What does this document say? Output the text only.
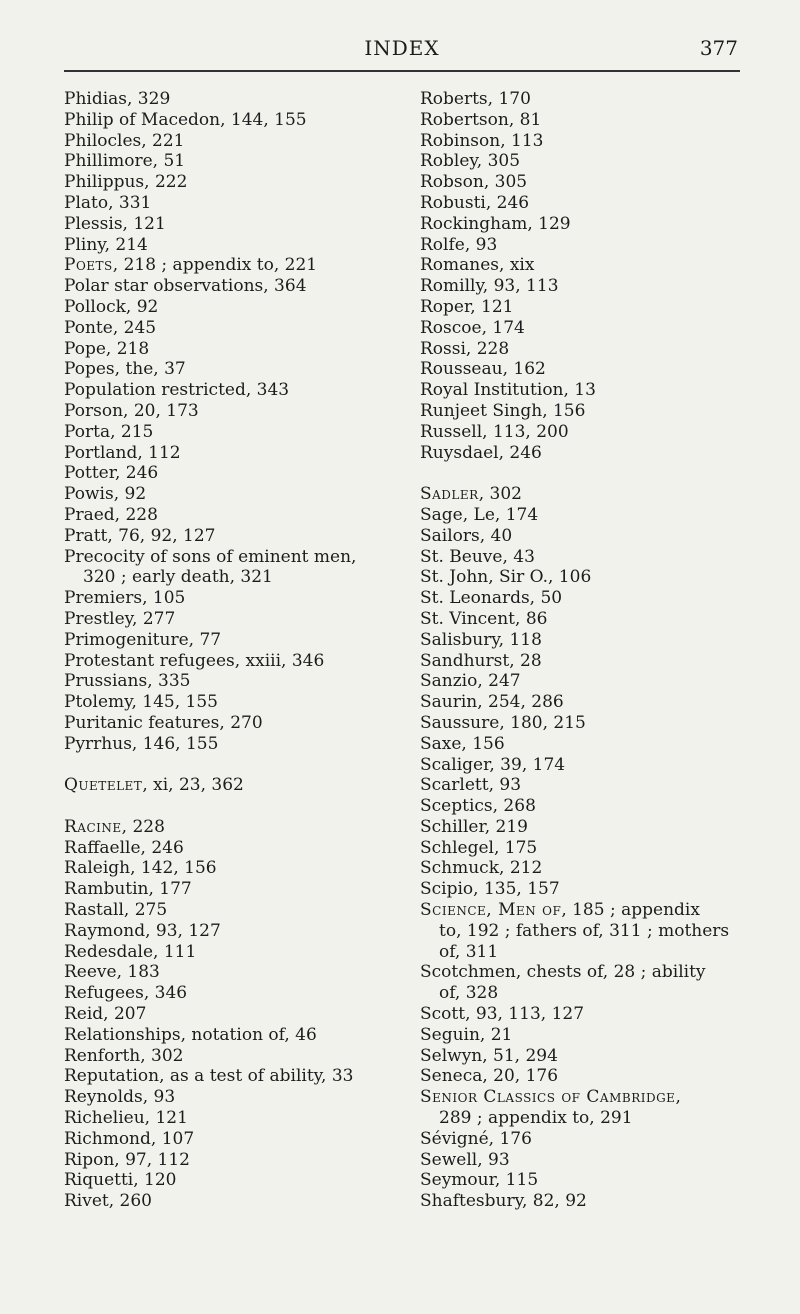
INDEX	377

Phidias, 329

Philip of Macedon, 144, 155

Philocles, 221

Phillimore, 51

Philippus, 222

Plato, 331

Plessis, 121

Pliny, 214

Poets, 218 ; appendix to, 221

Polar star observations, 364

Pollock, 92

Ponte, 245

Pope, 218

Popes, the, 37

Population restricted, 343

Porson, 20, 173

Porta, 215

Portland, 112

Potter, 246

Powis, 92

Praed, 228

Pratt, 76, 92, 127

Precocity of sons of eminent men,

320 ; early death, 321

Premiers, 105

Prestley, 277

Primogeniture, 77

Protestant refugees, xxiii, 346

Prussians, 335

Ptolemy, 145, 155

Puritanic features, 270

Pyrrhus, 146, 155

Quetelet, xi, 23, 362

Racine, 228

Raffaelle, 246

Raleigh, 142, 156

Rambutin, 177

Rastall, 275

Raymond, 93, 127

Redesdale, 111

Reeve, 183

Refugees, 346

Reid, 207

Relationships, notation of, 46

Renforth, 302

Reputation, as a test of ability, 33

Reynolds, 93

Richelieu, 121

Richmond, 107

Ripon, 97, 112

Riquetti, 120

Rivet, 260

Roberts, 170

Robertson, 81

Robinson, 113

Robley, 305

Robson, 305

Robusti, 246

Rockingham, 129

Rolfe, 93

Romanes, xix

Romilly, 93, 113

Roper, 121

Roscoe, 174

Rossi, 228

Rousseau, 162

Royal Institution, 13

Runjeet Singh, 156

Russell, 113, 200

Ruysdael, 246

Sadler, 302

Sage, Le, 174

Sailors, 40

St. Beuve, 43

St. John, Sir O., 106

St. Leonards, 50

St. Vincent, 86

Salisbury, 118

Sandhurst, 28

Sanzio, 247

Saurin, 254, 286

Saussure, 180, 215

Saxe, 156

Scaliger, 39, 174

Scarlett, 93

Sceptics, 268

Schiller, 219

Schlegel, 175

Schmuck, 212

Scipio, 135, 157

Science, Men of, 185 ; appendix

to, 192 ; fathers of, 311 ; mothers

of, 311

Scotchmen, chests of, 28 ; ability

of, 328

Scott, 93, 113, 127

Seguin, 21

Selwyn, 51, 294

Seneca, 20, 176

Senior Classics of Cambridge,

289 ; appendix to, 291

Sévigné, 176

Sewell, 93

Seymour, 115

Shaftesbury, 82, 92
